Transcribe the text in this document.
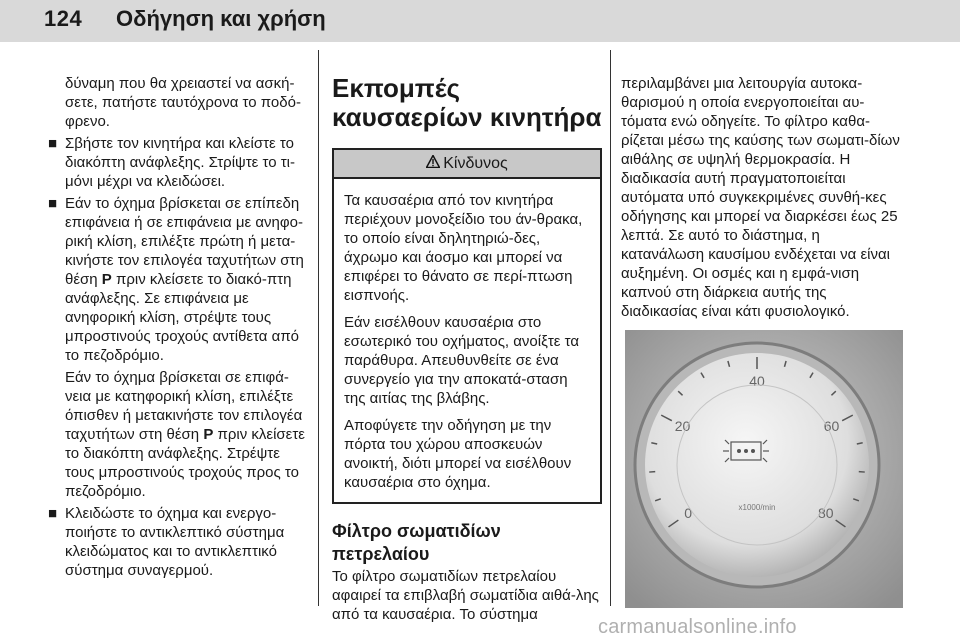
124 Οδήγηση και χρήση

δύναμη που θα χρειαστεί να ασκή-σετε, πατήστε ταυτόχρονα το ποδό-φρενο.

■ Σβήστε τον κινητήρα και κλείστε το διακόπτη ανάφλεξης. Στρίψτε το τι-μόνι μέχρι να κλειδώσει.
■ Εάν το όχημα βρίσκεται σε επίπεδη επιφάνεια ή σε επιφάνεια με ανηφο-ρική κλίση, επιλέξτε πρώτη ή μετα-κινήστε τον επιλογέα ταχυτήτων στη θέση P πριν κλείσετε το διακό-πτη ανάφλεξης. Σε επιφάνεια με ανηφορική κλίση, στρέψτε τους μπροστινούς τροχούς αντίθετα από το πεζοδρόμιο.
Εάν το όχημα βρίσκεται σε επιφά-νεια με κατηφορική κλίση, επιλέξτε όπισθεν ή μετακινήστε τον επιλογέα ταχυτήτων στη θέση P πριν κλείσετε το διακόπτη ανάφλεξης. Στρέψτε τους μπροστινούς τροχούς προς το πεζοδρόμιο.
■ Κλειδώστε το όχημα και ενεργο-ποιήστε το αντικλεπτικό σύστημα κλειδώματος και το αντικλεπτικό σύστημα συναγερμού.
Εκπομπές καυσαερίων κινητήρα
Κίνδυνος

Τα καυσαέρια από τον κινητήρα περιέχουν μονοξείδιο του άν-θρακα, το οποίο είναι δηλητηριώ-δες, άχρωμο και άοσμο και μπορεί να επιφέρει το θάνατο σε περί-πτωση εισπνοής.

Εάν εισέλθουν καυσαέρια στο εσωτερικό του οχήματος, ανοίξτε τα παράθυρα. Απευθυνθείτε σε ένα συνεργείο για την αποκατά-σταση της αιτίας της βλάβης.

Αποφύγετε την οδήγηση με την πόρτα του χώρου αποσκευών ανοικτή, διότι μπορεί να εισέλθουν καυσαέρια στο όχημα.

Φίλτρο σωματιδίων πετρελαίου

Το φίλτρο σωματιδίων πετρελαίου αφαιρεί τα επιβλαβή σωματίδια αιθά-λης από τα καυσαέρια. Το σύστημα

περιλαμβάνει μια λειτουργία αυτοκα-θαρισμού η οποία ενεργοποιείται αυ-τόματα ενώ οδηγείτε. Το φίλτρο καθα-ρίζεται μέσω της καύσης των σωματι-δίων αιθάλης σε υψηλή θερμοκρασία. Η διαδικασία αυτή πραγματοποιείται αυτόματα υπό συγκεκριμένες συνθή-κες οδήγησης και μπορεί να διαρκέσει έως 25 λεπτά. Σε αυτό το διάστημα, η κατανάλωση καυσίμου ενδέχεται να είναι αυξημένη. Οι οσμές και η εμφά-νιση καπνού στη διάρκεια αυτής της διαδικασίας είναι κάτι φυσιολογικό.

0
20
40
60
80
x1000/min
carmanualsonline.info
